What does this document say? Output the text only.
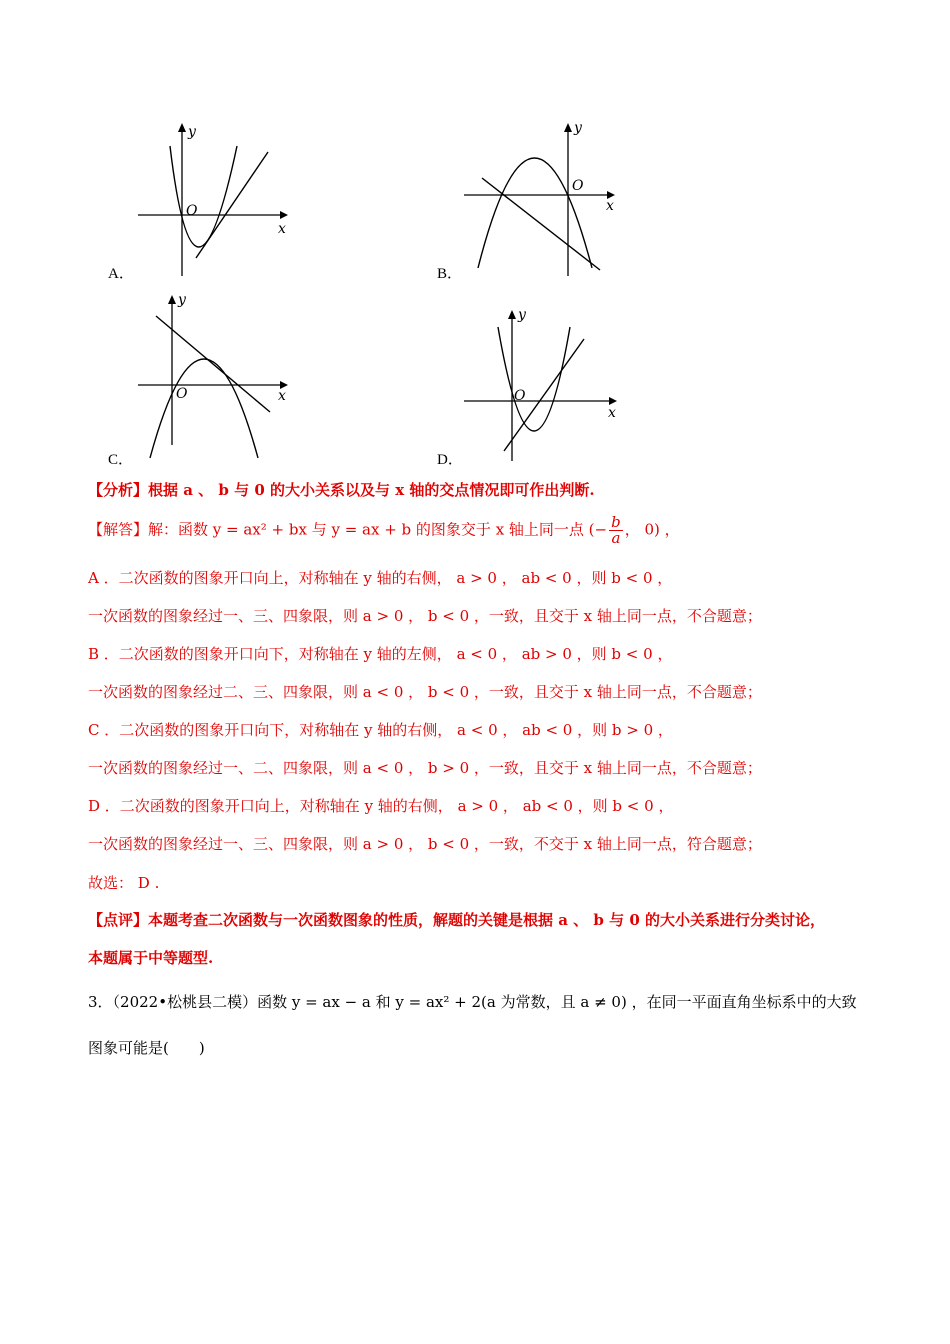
y
x
O
A．
y
x
O
B．
y
x
O
C．
y
x
O
D．
【分析】根据 a 、 b 与 0 的大小关系以及与 x 轴的交点情况即可作出判断.
【解答】解：函数 y = ax² + bx 与 y = ax + b 的图象交于 x 轴上同一点 (− $\frac{b}{a}$ ， 0) ，
A ．二次函数的图象开口向上，对称轴在 y 轴的右侧， a > 0 ， ab < 0 ，则 b < 0 ，
一次函数的图象经过一、三、四象限，则 a > 0 ， b < 0 ，一致，且交于 x 轴上同一点，不合题意；
B ．二次函数的图象开口向下，对称轴在 y 轴的左侧， a < 0 ， ab > 0 ，则 b < 0 ，
一次函数的图象经过二、三、四象限，则 a < 0 ， b < 0 ，一致，且交于 x 轴上同一点，不合题意；
C ．二次函数的图象开口向下，对称轴在 y 轴的右侧， a < 0 ， ab < 0 ，则 b > 0 ，
一次函数的图象经过一、二、四象限，则 a < 0 ， b > 0 ，一致，且交于 x 轴上同一点，不合题意；
D ．二次函数的图象开口向上，对称轴在 y 轴的右侧， a > 0 ， ab < 0 ，则 b < 0 ，
一次函数的图象经过一、三、四象限，则 a > 0 ， b < 0 ，一致，不交于 x 轴上同一点，符合题意；
故选： D .
【点评】本题考查二次函数与一次函数图象的性质，解题的关键是根据 a 、 b 与 0 的大小关系进行分类讨论，
本题属于中等题型.
3．（2022•松桃县二模）函数 y = ax − a 和 y = ax² + 2(a 为常数，且 a ≠ 0) ，在同一平面直角坐标系中的大致
图象可能是(　　)
